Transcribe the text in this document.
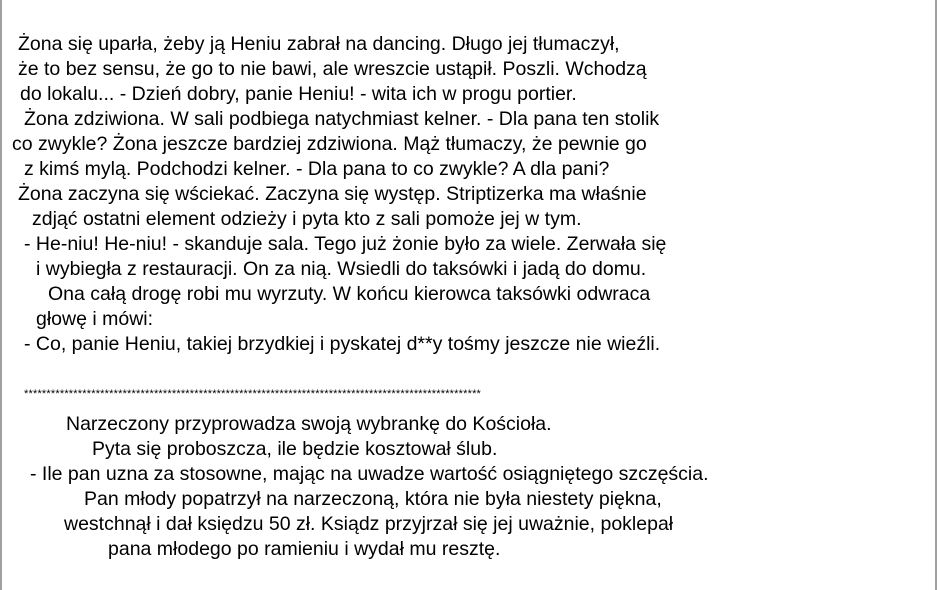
Żona się uparła, żeby ją Heniu zabrał na dancing. Długo jej tłumaczył,
że to bez sensu, że go to nie bawi, ale wreszcie ustąpił. Poszli. Wchodzą
do lokalu... - Dzień dobry, panie Heniu! - wita ich w progu portier.
Żona zdziwiona. W sali podbiega natychmiast kelner. - Dla pana ten stolik
co zwykle? Żona jeszcze bardziej zdziwiona. Mąż tłumaczy, że pewnie go
z kimś mylą. Podchodzi kelner. - Dla pana to co zwykle? A dla pani?
Żona zaczyna się wściekać. Zaczyna się występ. Striptizerka ma właśnie
zdjąć ostatni element odzieży i pyta kto z sali pomoże jej w tym.
- He-niu! He-niu! - skanduje sala. Tego już żonie było za wiele. Zerwała się
i wybiegła z restauracji. On za nią. Wsiedli do taksówki i jadą do domu.
Ona całą drogę robi mu wyrzuty. W końcu kierowca taksówki odwraca
głowę i mówi:
- Co, panie Heniu, takiej brzydkiej i pyskatej d**y tośmy jeszcze nie wieźli.
******************************************************************************************************
Narzeczony przyprowadza swoją wybrankę do Kościoła.
Pyta się proboszcza, ile będzie kosztował ślub.
- Ile pan uzna za stosowne, mając na uwadze wartość osiągniętego szczęścia.
Pan młody popatrzył na narzeczoną, która nie była niestety piękna,
westchnął i dał księdzu 50 zł. Ksiądz przyjrzał się jej uważnie, poklepał
pana młodego po ramieniu i wydał mu resztę.
